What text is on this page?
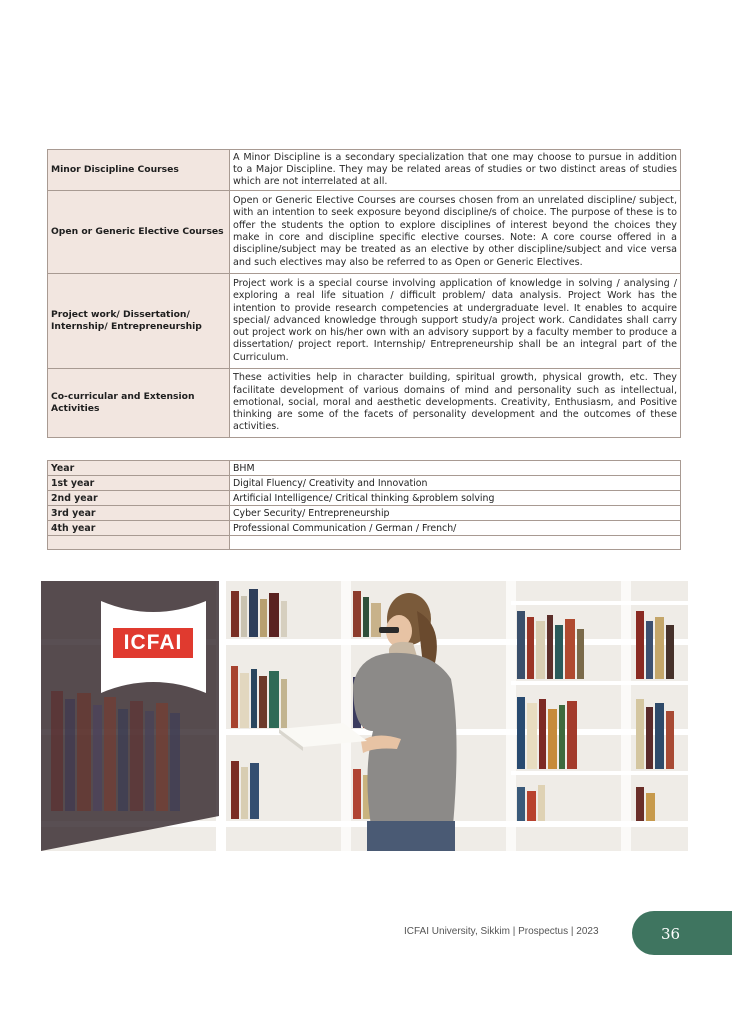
Minor Discipline Courses	A Minor Discipline is a secondary specialization that one may choose to pursue in addition to a Major Discipline. They may be related areas of studies or two distinct areas of studies which are not interrelated at all.
Open or Generic Elective Courses	Open or Generic Elective Courses are courses chosen from an unrelated discipline/ subject, with an intention to seek exposure beyond discipline/s of choice. The purpose of these is to offer the students the option to explore disciplines of interest beyond the choices they make in core and discipline specific elective courses. Note: A core course offered in a discipline/subject may be treated as an elective by other discipline/subject and vice versa and such electives may also be referred to as Open or Generic Electives.
Project work/ Dissertation/ Internship/ Entrepreneurship	Project work is a special course involving application of knowledge in solving / analysing / exploring a real life situation / difficult problem/ data analysis. Project Work has the intention to provide research competencies at undergraduate level. It enables to acquire special/ advanced knowledge through support study/a project work. Candidates shall carry out project work on his/her own with an advisory support by a faculty member to produce a dissertation/ project report. Internship/ Entrepreneurship shall be an integral part of the Curriculum.
Co-curricular and Extension Activities	These activities help in character building, spiritual growth, physical growth, etc. They facilitate development of various domains of mind and personality such as intellectual, emotional, social, moral and aesthetic developments. Creativity, Enthusiasm, and Positive thinking are some of the facets of personality development and the outcomes of these activities.
Year	BHM
1st year	Digital Fluency/ Creativity and Innovation
2nd year	Artificial Intelligence/ Critical thinking &problem solving
3rd year	Cyber Security/ Entrepreneurship
4th year	Professional Communication / German / French/

ICFAI
ICFAI University, Sikkim | Prospectus | 2023	36
